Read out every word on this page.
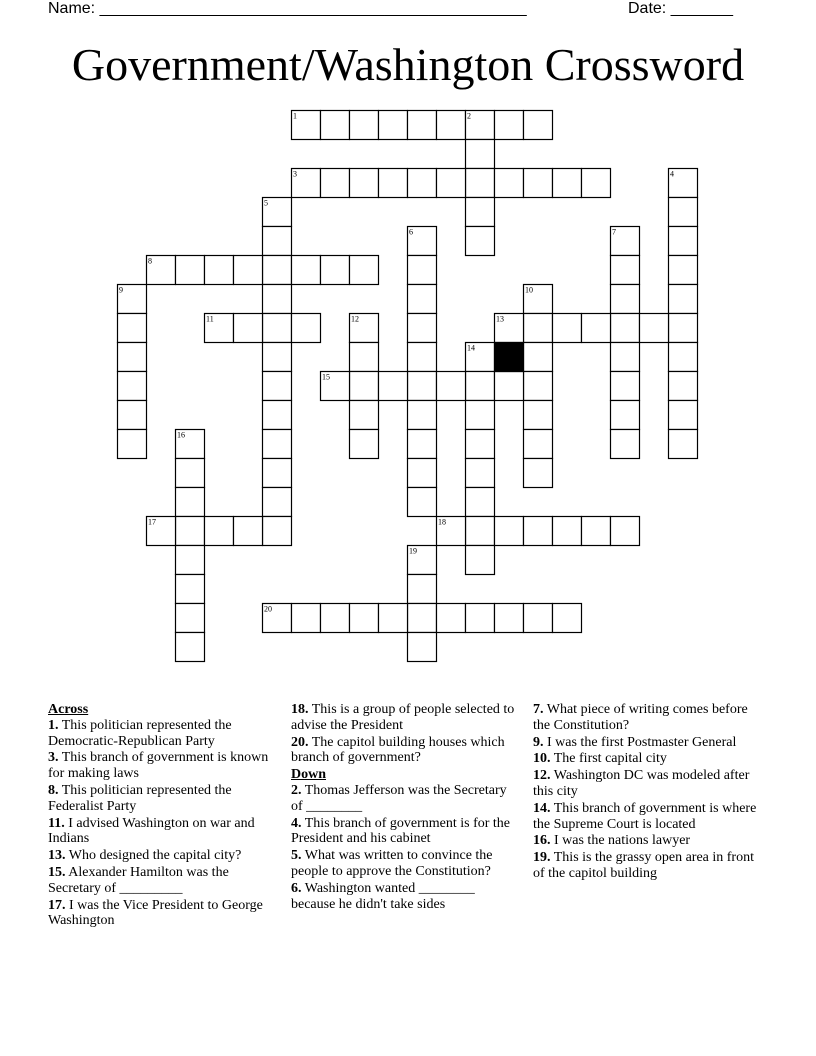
Name: ________________________________________________	Date: _______
Government/Washington Crossword
1	2
3	4
5
6	7
8
9	10
11	12	13
14
15
16
17	18
19
20
Across
1. This politician represented the Democratic-Republican Party
3. This branch of government is known for making laws
8. This politician represented the Federalist Party
11. I advised Washington on war and Indians
13. Who designed the capital city?
15. Alexander Hamilton was the Secretary of _________
17. I was the Vice President to George Washington
18. This is a group of people selected to advise the President
20. The capitol building houses which branch of government?
Down
2. Thomas Jefferson was the Secretary of ________
4. This branch of government is for the President and his cabinet
5. What was written to convince the people to approve the Constitution?
6. Washington wanted ________ because he didn't take sides
7. What piece of writing comes before the Constitution?
9. I was the first Postmaster General
10. The first capital city
12. Washington DC was modeled after this city
14. This branch of government is where the Supreme Court is located
16. I was the nations lawyer
19. This is the grassy open area in front of the capitol building
